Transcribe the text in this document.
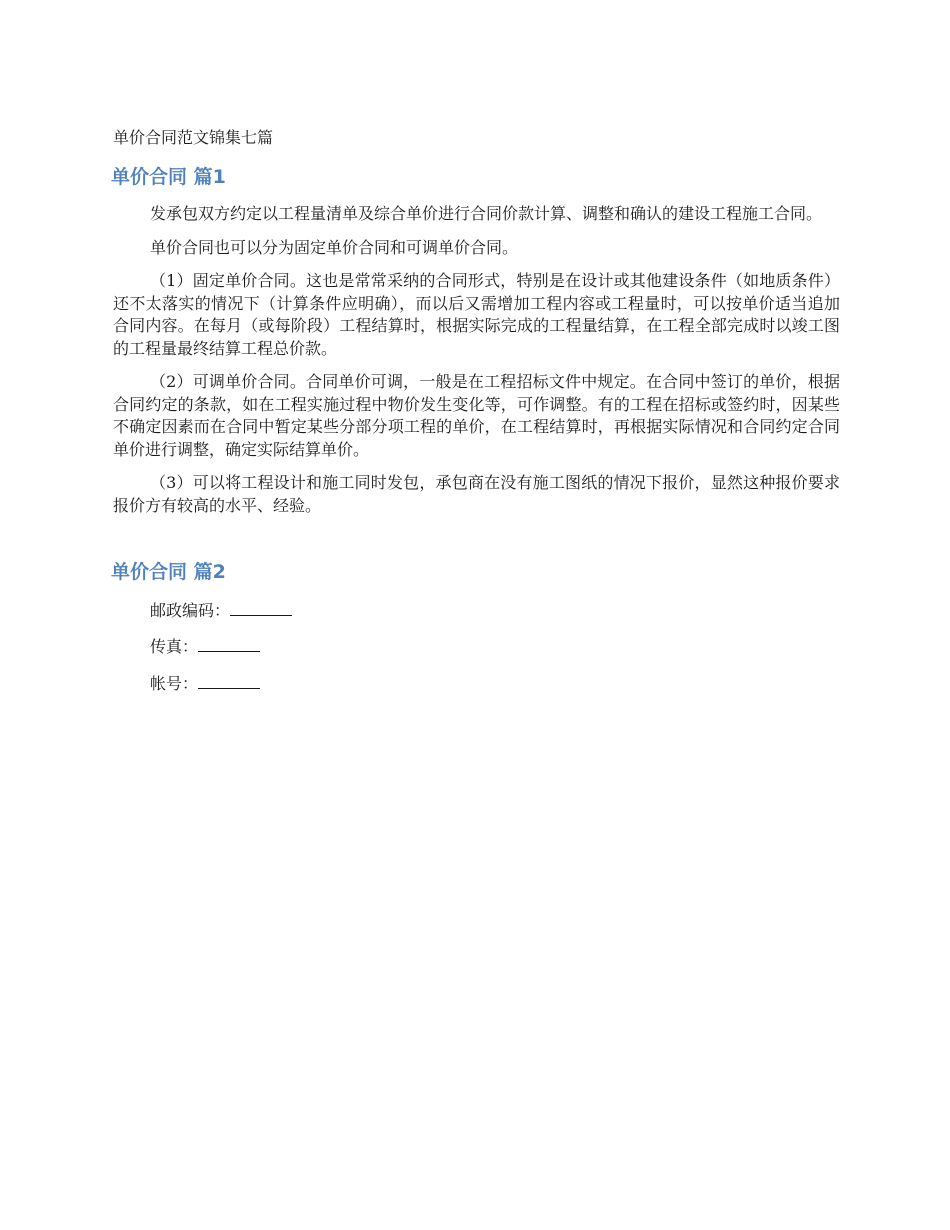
单价合同范文锦集七篇

单价合同 篇1

发承包双方约定以工程量清单及综合单价进行合同价款计算、调整和确认的建设工程施工合同。

单价合同也可以分为固定单价合同和可调单价合同。

（1）固定单价合同。这也是常常采纳的合同形式，特别是在设计或其他建设条件（如地质条件）还不太落实的情况下（计算条件应明确），而以后又需增加工程内容或工程量时，可以按单价适当追加合同内容。在每月（或每阶段）工程结算时，根据实际完成的工程量结算，在工程全部完成时以竣工图的工程量最终结算工程总价款。

（2）可调单价合同。合同单价可调，一般是在工程招标文件中规定。在合同中签订的单价，根据合同约定的条款，如在工程实施过程中物价发生变化等，可作调整。有的工程在招标或签约时，因某些不确定因素而在合同中暂定某些分部分项工程的单价，在工程结算时，再根据实际情况和合同约定合同单价进行调整，确定实际结算单价。

（3）可以将工程设计和施工同时发包，承包商在没有施工图纸的情况下报价，显然这种报价要求报价方有较高的水平、经验。

单价合同 篇2

邮政编码：

传真：

帐号：
